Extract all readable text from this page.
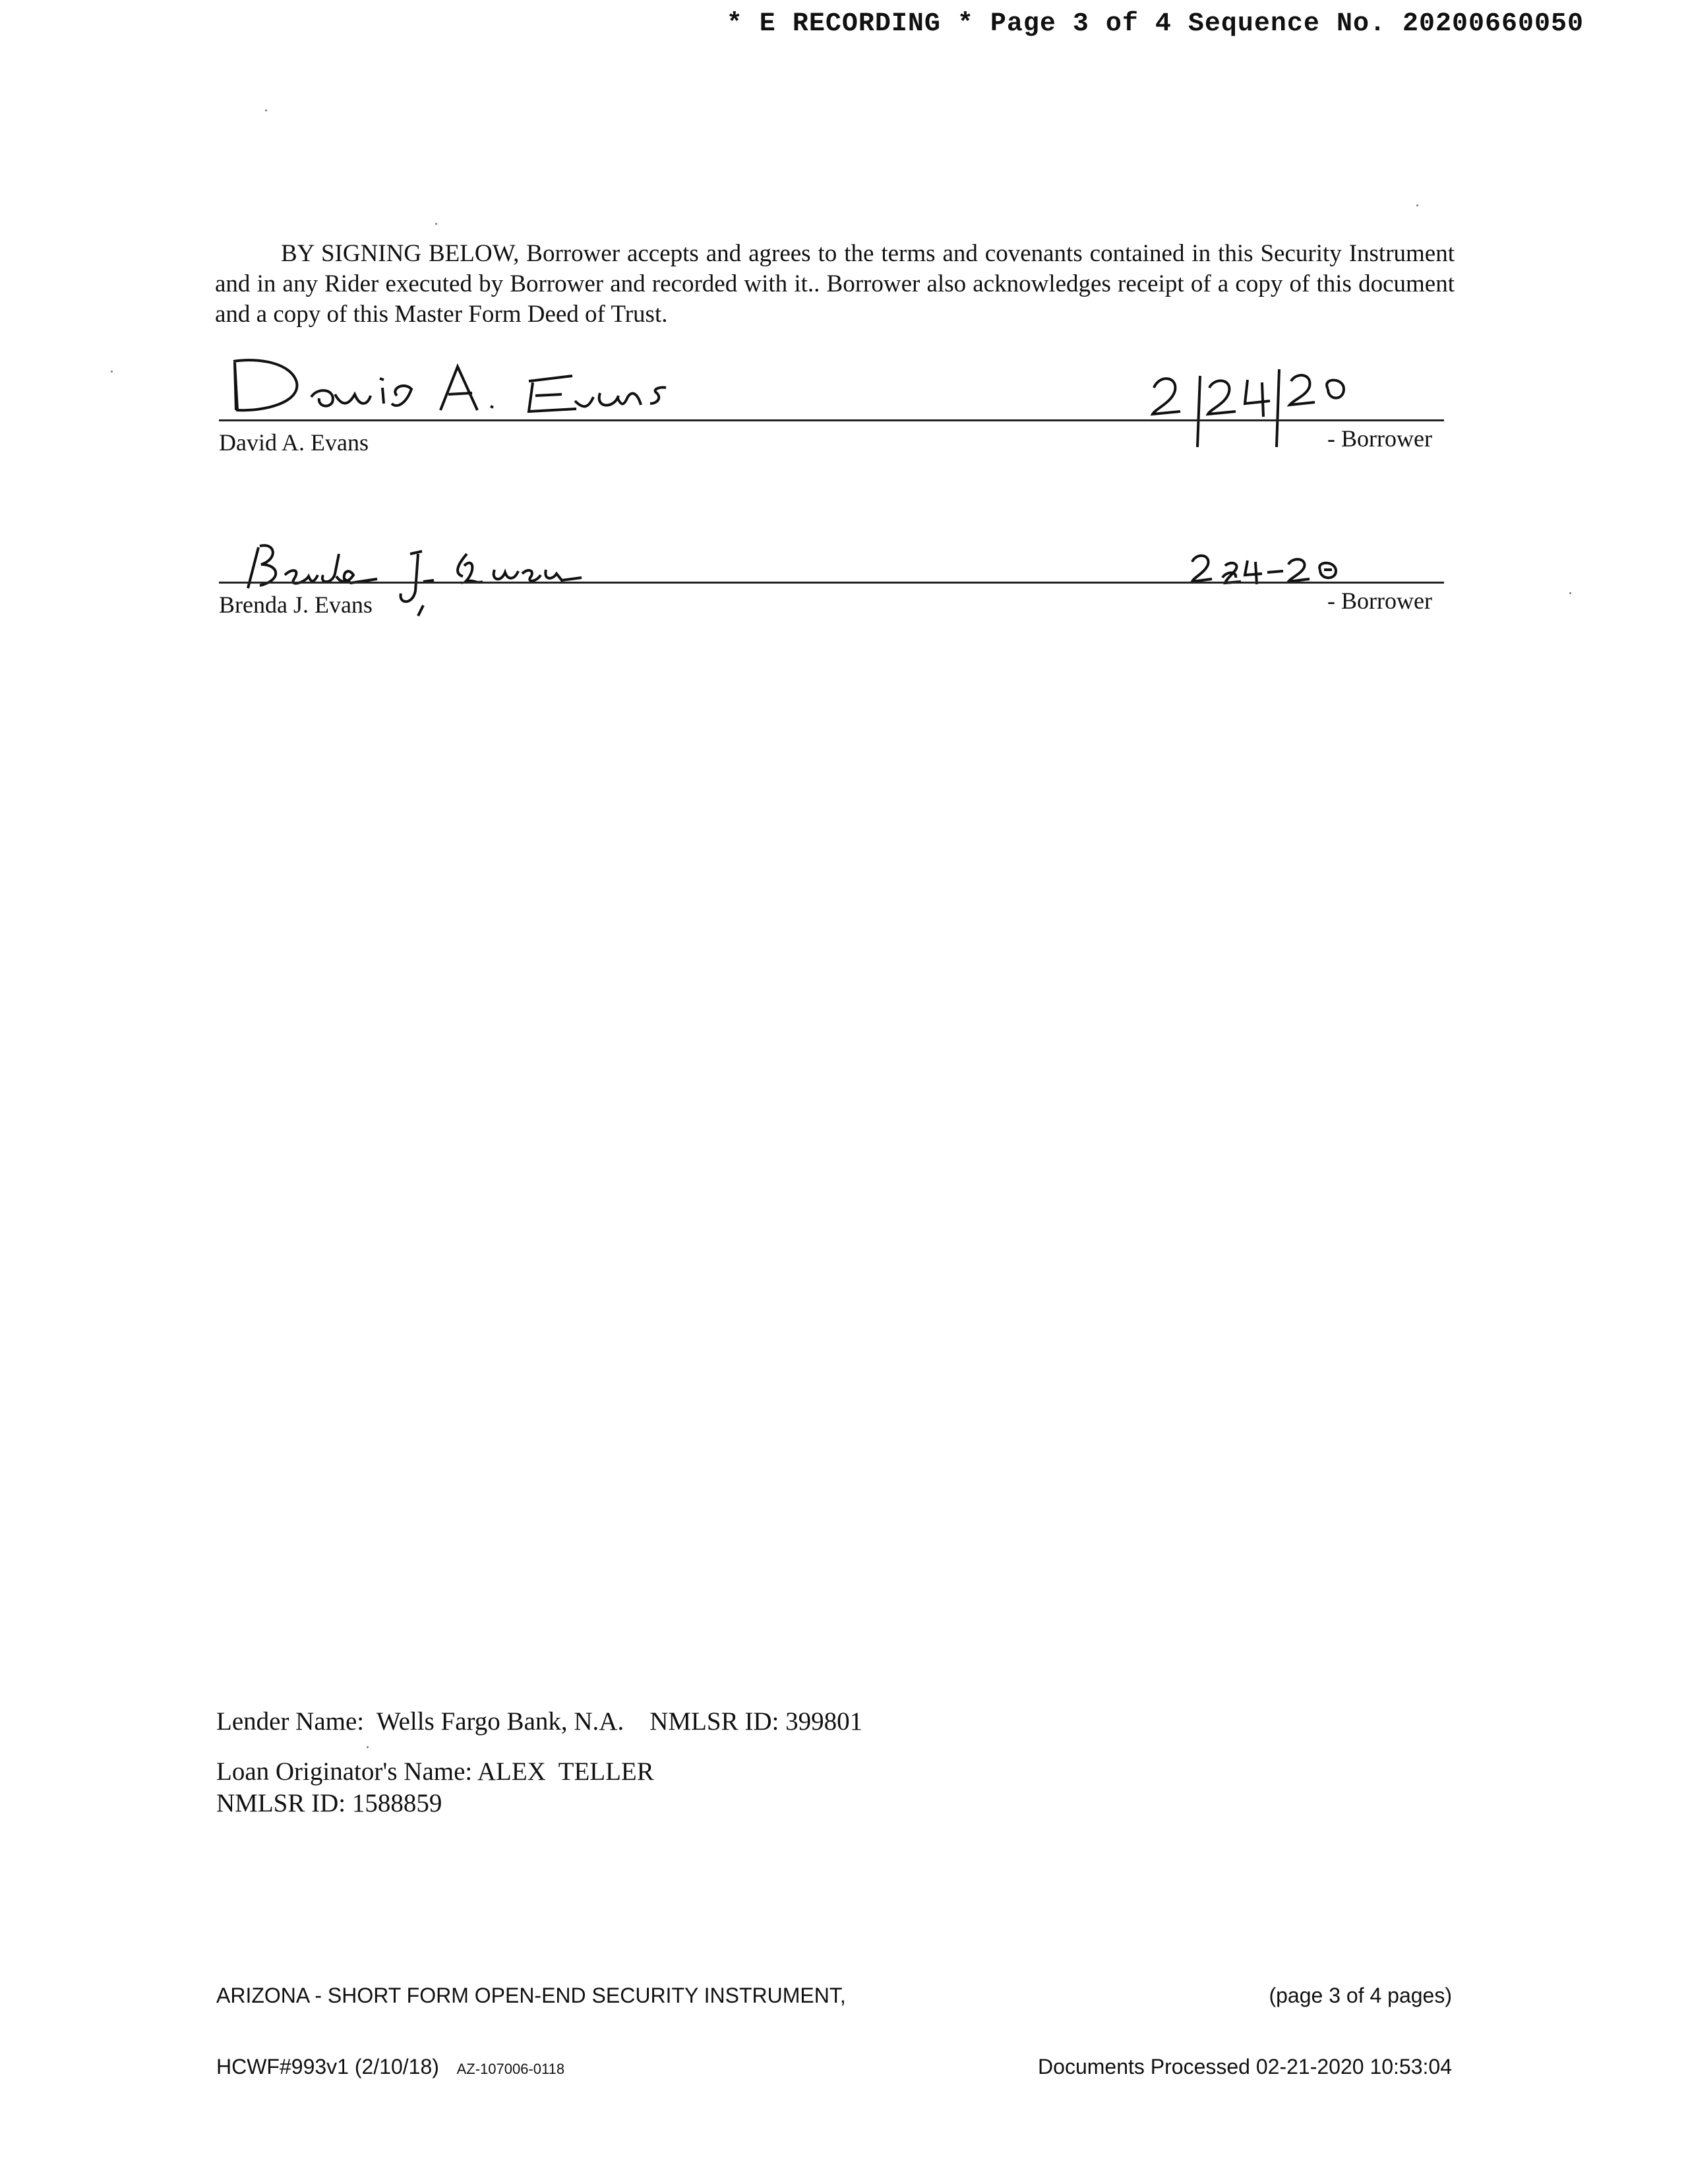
* E RECORDING * Page 3 of 4 Sequence No. 20200660050
BY SIGNING BELOW, Borrower accepts and agrees to the terms and covenants contained in this Security Instrument and in any Rider executed by Borrower and recorded with it.. Borrower also acknowledges receipt of a copy of this document and a copy of this Master Form Deed of Trust.
David A. Evans	- Borrower
Brenda J. Evans	- Borrower
Lender Name:  Wells Fargo Bank, N.A.    NMLSR ID: 399801
Loan Originator's Name: ALEX  TELLER
NMLSR ID: 1588859

ARIZONA - SHORT FORM OPEN-END SECURITY INSTRUMENT,

HCWF#993v1 (2/10/18) AZ-107006-0118

(page 3 of 4 pages)

Documents Processed 02-21-2020 10:53:04
